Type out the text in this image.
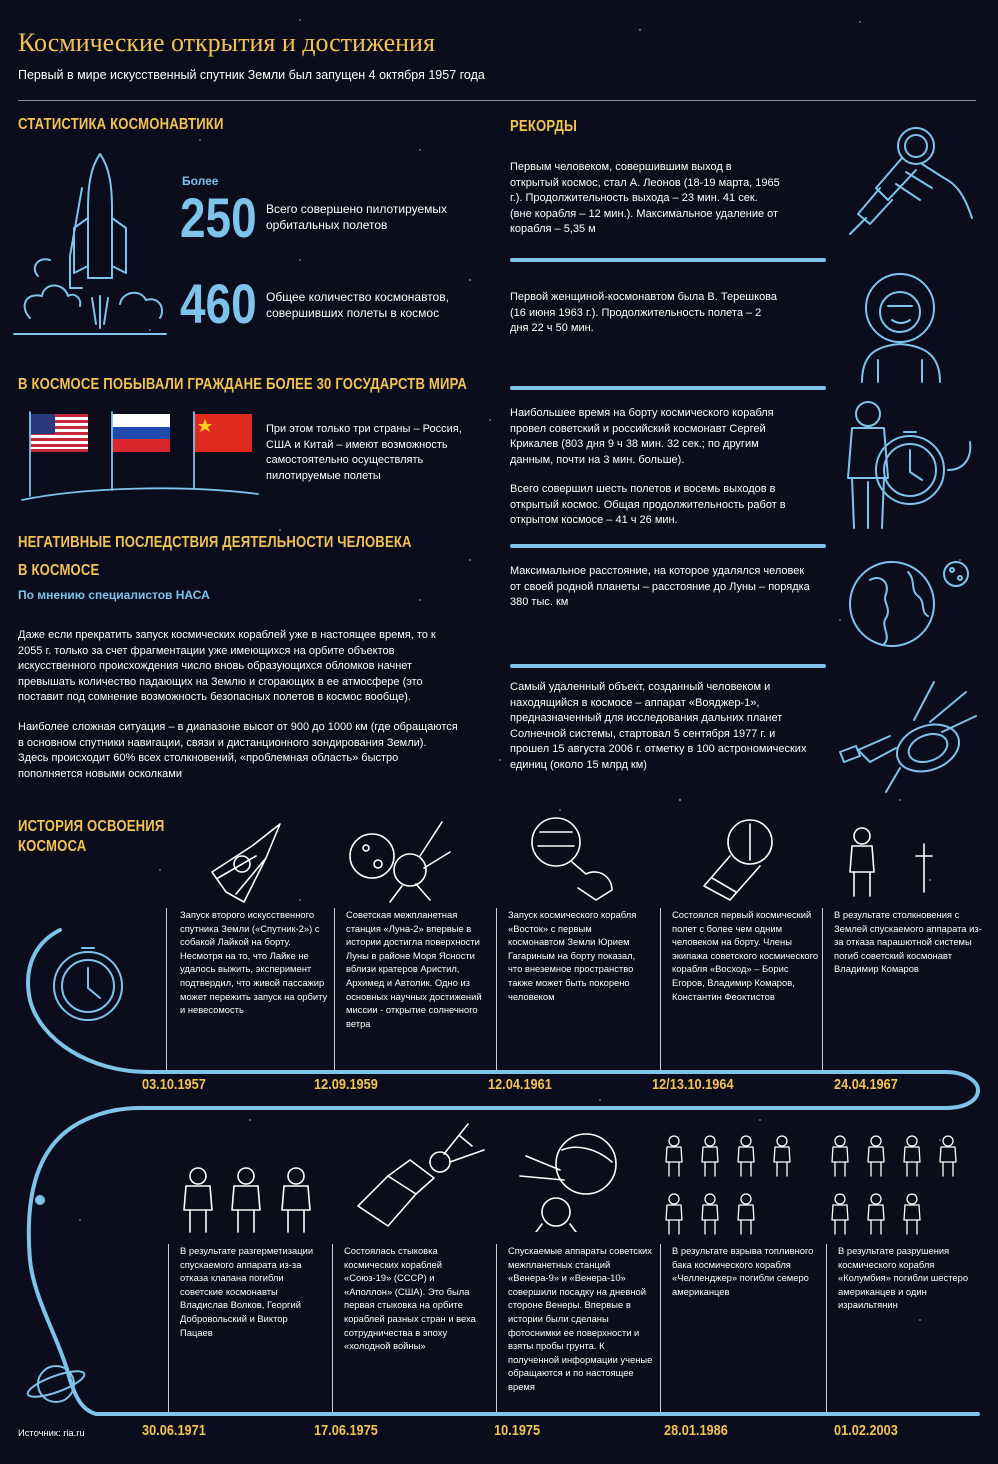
Космические открытия и достижения
Первый в мире искусственный спутник Земли был запущен 4 октября 1957 года
СТАТИСТИКА КОСМОНАВТИКИ
Более
250 Всего совершено пилотируемых орбитальных полетов
460 Общее количество космонавтов, совершивших полеты в космос
В КОСМОСЕ ПОБЫВАЛИ ГРАЖДАНЕ БОЛЕЕ 30 ГОСУДАРСТВ МИРА
При этом только три страны – Россия, США и Китай – имеют возможность самостоятельно осуществлять пилотируемые полеты
НЕГАТИВНЫЕ ПОСЛЕДСТВИЯ ДЕЯТЕЛЬНОСТИ ЧЕЛОВЕКА
В КОСМОСЕ
По мнению специалистов НАСА
Даже если прекратить запуск космических кораблей уже в настоящее время, то к 2055 г. только за счет фрагментации уже имеющихся на орбите объектов искусственного происхождения число вновь образующихся обломков начнет превышать количество падающих на Землю и сгорающих в ее атмосфере (это поставит под сомнение возможность безопасных полетов в космос вообще).
Наиболее сложная ситуация – в диапазоне высот от 900 до 1000 км (где обращаются в основном спутники навигации, связи и дистанционного зондирования Земли). Здесь происходит 60% всех столкновений, «проблемная область» быстро пополняется новыми осколками
РЕКОРДЫ
Первым человеком, совершившим выход в открытый космос, стал А. Леонов (18-19 марта, 1965 г.). Продолжительность выхода – 23 мин. 41 сек. (вне корабля – 12 мин.). Максимальное удаление от корабля – 5,35 м
Первой женщиной-космонавтом была В. Терешкова (16 июня 1963 г.). Продолжительность полета – 2 дня 22 ч 50 мин.
Наибольшее время на борту космического корабля провел советский и российский космонавт Сергей Крикалев (803 дня 9 ч 38 мин. 32 сек.; по другим данным, почти на 3 мин. больше).
Всего совершил шесть полетов и восемь выходов в открытый космос. Общая продолжительность работ в открытом космосе – 41 ч 26 мин.
Максимальное расстояние, на которое удалялся человек от своей родной планеты – расстояние до Луны – порядка 380 тыс. км
Самый удаленный объект, созданный человеком и находящийся в космосе – аппарат «Вояджер-1», предназначенный для исследования дальних планет Солнечной системы, стартовал 5 сентября 1977 г. и прошел 15 августа 2006 г. отметку в 100 астрономических единиц (около 15 млрд км)
ИСТОРИЯ ОСВОЕНИЯ
КОСМОСА
Запуск второго искусственного спутника Земли («Спутник-2») с собакой Лайкой на борту. Несмотря на то, что Лайке не удалось выжить, эксперимент подтвердил, что живой пассажир может пережить запуск на орбиту и невесомость
03.10.1957
Советская межпланетная станция «Луна-2» впервые в истории достигла поверхности Луны в районе Моря Ясности вблизи кратеров Аристил, Архимед и Автолик. Одно из основных научных достижений миссии - открытие солнечного ветра
12.09.1959
Запуск космического корабля «Восток» с первым космонавтом Земли Юрием Гагариным на борту показал, что внеземное пространство также может быть покорено человеком
12.04.1961
Состоялся первый космический полет с более чем одним человеком на борту. Члены экипажа советского космического корабля «Восход» – Борис Егоров, Владимир Комаров, Константин Феоктистов
12/13.10.1964
В результате столкновения с Землей спускаемого аппарата из-за отказа парашютной системы погиб советский космонавт Владимир Комаров
24.04.1967
В результате разгерметизации спускаемого аппарата из-за отказа клапана погибли советские космонавты Владислав Волков, Георгий Добровольский и Виктор Пацаев
30.06.1971
Состоялась стыковка космических кораблей «Союз-19» (СССР) и «Аполлон» (США). Это была первая стыковка на орбите кораблей разных стран и веха сотрудничества в эпоху «холодной войны»
17.06.1975
Спускаемые аппараты советских межпланетных станций «Венера-9» и «Венера-10» совершили посадку на дневной стороне Венеры. Впервые в истории были сделаны фотоснимки ее поверхности и взяты пробы грунта. К полученной информации ученые обращаются и по настоящее время
10.1975
В результате взрыва топливного бака космического корабля «Челленджер» погибли семеро американцев
28.01.1986
В результате разрушения космического корабля «Колумбия» погибли шестеро американцев и один израильтянин
01.02.2003
Источник: ria.ru
